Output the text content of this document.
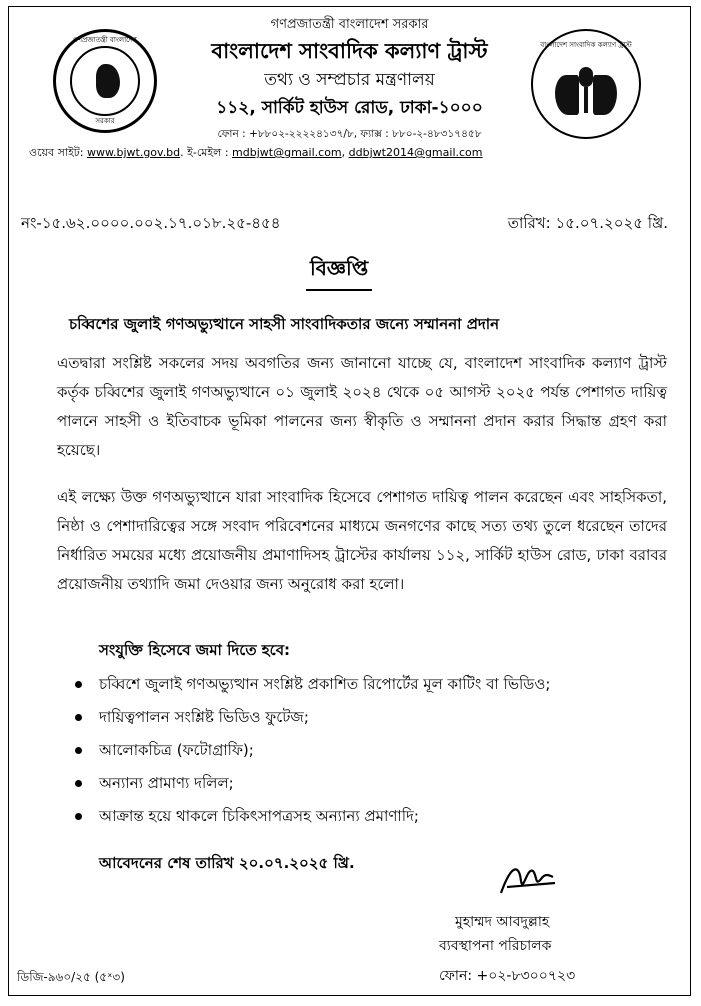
গণপ্রজাতন্ত্রী বাংলাদেশ
সরকার
গণপ্রজাতন্ত্রী বাংলাদেশ সরকার
বাংলাদেশ সাংবাদিক কল্যাণ ট্রাস্ট
তথ্য ও সম্প্রচার মন্ত্রণালয়
১১২, সার্কিট হাউস রোড, ঢাকা-১০০০
ফোন : +৮৮০২-২২২২৪১৩৭/৮, ফ্যাক্স : ৮৮০-২-৪৮৩১৭৪৫৮
ওয়েব সাইট: www.bjwt.gov.bd. ই-মেইল : mdbjwt@gmail.com, ddbjwt2014@gmail.com
বাংলাদেশ সাংবাদিক কল্যাণ ট্রাস্ট
নং-১৫.৬২.০০০০.০০২.১৭.০১৮.২৫-৪৫৪	তারিখ: ১৫.০৭.২০২৫ খ্রি.
বিজ্ঞপ্তি
চব্বিশের জুলাই গণঅভ্যুত্থানে সাহসী সাংবাদিকতার জন্যে সম্মাননা প্রদান
এতদ্বারা সংশ্লিষ্ট সকলের সদয় অবগতির জন্য জানানো যাচ্ছে যে, বাংলাদেশ সাংবাদিক কল্যাণ ট্রাস্ট কর্তৃক চব্বিশের জুলাই গণঅভ্যুত্থানে ০১ জুলাই ২০২৪ থেকে ০৫ আগস্ট ২০২৫ পর্যন্ত পেশাগত দায়িত্ব পালনে সাহসী ও ইতিবাচক ভূমিকা পালনের জন্য স্বীকৃতি ও সম্মাননা প্রদান করার সিদ্ধান্ত গ্রহণ করা হয়েছে।
এই লক্ষ্যে উক্ত গণঅভ্যুত্থানে যারা সাংবাদিক হিসেবে পেশাগত দায়িত্ব পালন করেছেন এবং সাহসিকতা, নিষ্ঠা ও পেশাদারিত্বের সঙ্গে সংবাদ পরিবেশনের মাধ্যমে জনগণের কাছে সত্য তথ্য তুলে ধরেছেন তাদের নির্ধারিত সময়ের মধ্যে প্রয়োজনীয় প্রমাণাদিসহ ট্রাস্টের কার্যালয় ১১২, সার্কিট হাউস রোড, ঢাকা বরাবর প্রয়োজনীয় তথ্যাদি জমা দেওয়ার জন্য অনুরোধ করা হলো।
সংযুক্তি হিসেবে জমা দিতে হবে:
চব্বিশে জুলাই গণঅভ্যুত্থান সংশ্লিষ্ট প্রকাশিত রিপোর্টের মূল কাটিং বা ভিডিও;
দায়িত্বপালন সংশ্লিষ্ট ভিডিও ফুটেজ;
আলোকচিত্র (ফটোগ্রাফি);
অন্যান্য প্রামাণ্য দলিল;
আক্রান্ত হয়ে থাকলে চিকিৎসাপত্রসহ অন্যান্য প্রমাণাদি;
আবেদনের শেষ তারিখ ২০.০৭.২০২৫ খ্রি.
মুহাম্মদ আবদুল্লাহ
ব্যবস্থাপনা পরিচালক
ফোন: +০২-৮৩০০৭২৩
ডিজি-৯৬০/২৫ (৫ˣ৩)
